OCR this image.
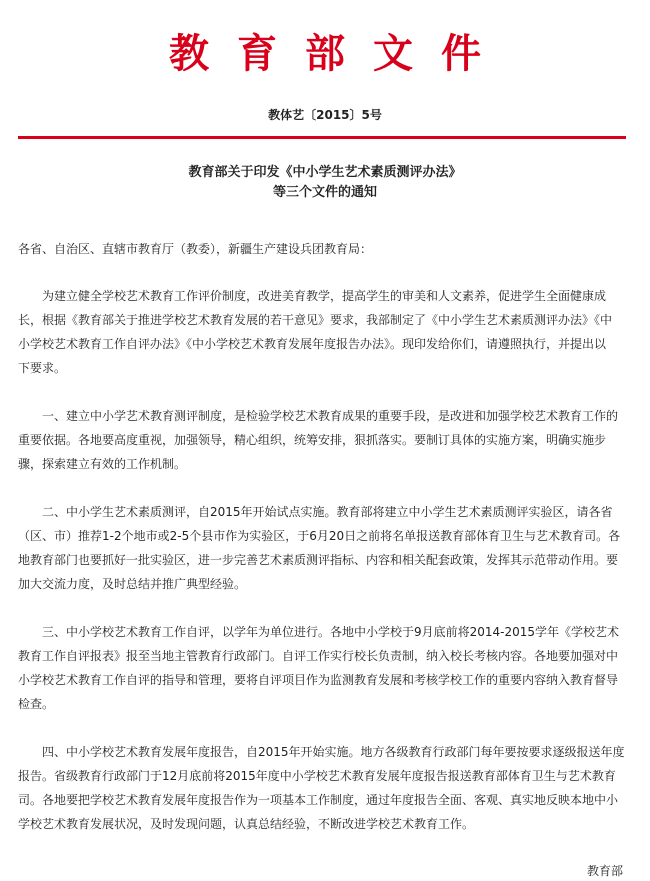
教育部文件
教体艺〔2015〕5号
教育部关于印发《中小学生艺术素质测评办法》
等三个文件的通知
各省、自治区、直辖市教育厅（教委），新疆生产建设兵团教育局：
　　为建立健全学校艺术教育工作评价制度，改进美育教学，提高学生的审美和人文素养，促进学生全面健康成
长，根据《教育部关于推进学校艺术教育发展的若干意见》要求，我部制定了《中小学生艺术素质测评办法》《中
小学校艺术教育工作自评办法》《中小学校艺术教育发展年度报告办法》。现印发给你们，请遵照执行，并提出以
下要求。
　　一、建立中小学艺术教育测评制度，是检验学校艺术教育成果的重要手段，是改进和加强学校艺术教育工作的
重要依据。各地要高度重视，加强领导，精心组织，统筹安排，狠抓落实。要制订具体的实施方案，明确实施步
骤，探索建立有效的工作机制。
　　二、中小学生艺术素质测评，自2015年开始试点实施。教育部将建立中小学生艺术素质测评实验区，请各省
（区、市）推荐1-2个地市或2-5个县市作为实验区，于6月20日之前将名单报送教育部体育卫生与艺术教育司。各
地教育部门也要抓好一批实验区，进一步完善艺术素质测评指标、内容和相关配套政策，发挥其示范带动作用。要
加大交流力度，及时总结并推广典型经验。
　　三、中小学校艺术教育工作自评，以学年为单位进行。各地中小学校于9月底前将2014-2015学年《学校艺术
教育工作自评报表》报至当地主管教育行政部门。自评工作实行校长负责制，纳入校长考核内容。各地要加强对中
小学校艺术教育工作自评的指导和管理，要将自评项目作为监测教育发展和考核学校工作的重要内容纳入教育督导
检查。
　　四、中小学校艺术教育发展年度报告，自2015年开始实施。地方各级教育行政部门每年要按要求逐级报送年度
报告。省级教育行政部门于12月底前将2015年度中小学校艺术教育发展年度报告报送教育部体育卫生与艺术教育
司。各地要把学校艺术教育发展年度报告作为一项基本工作制度，通过年度报告全面、客观、真实地反映本地中小
学校艺术教育发展状况，及时发现问题，认真总结经验，不断改进学校艺术教育工作。
教育部
